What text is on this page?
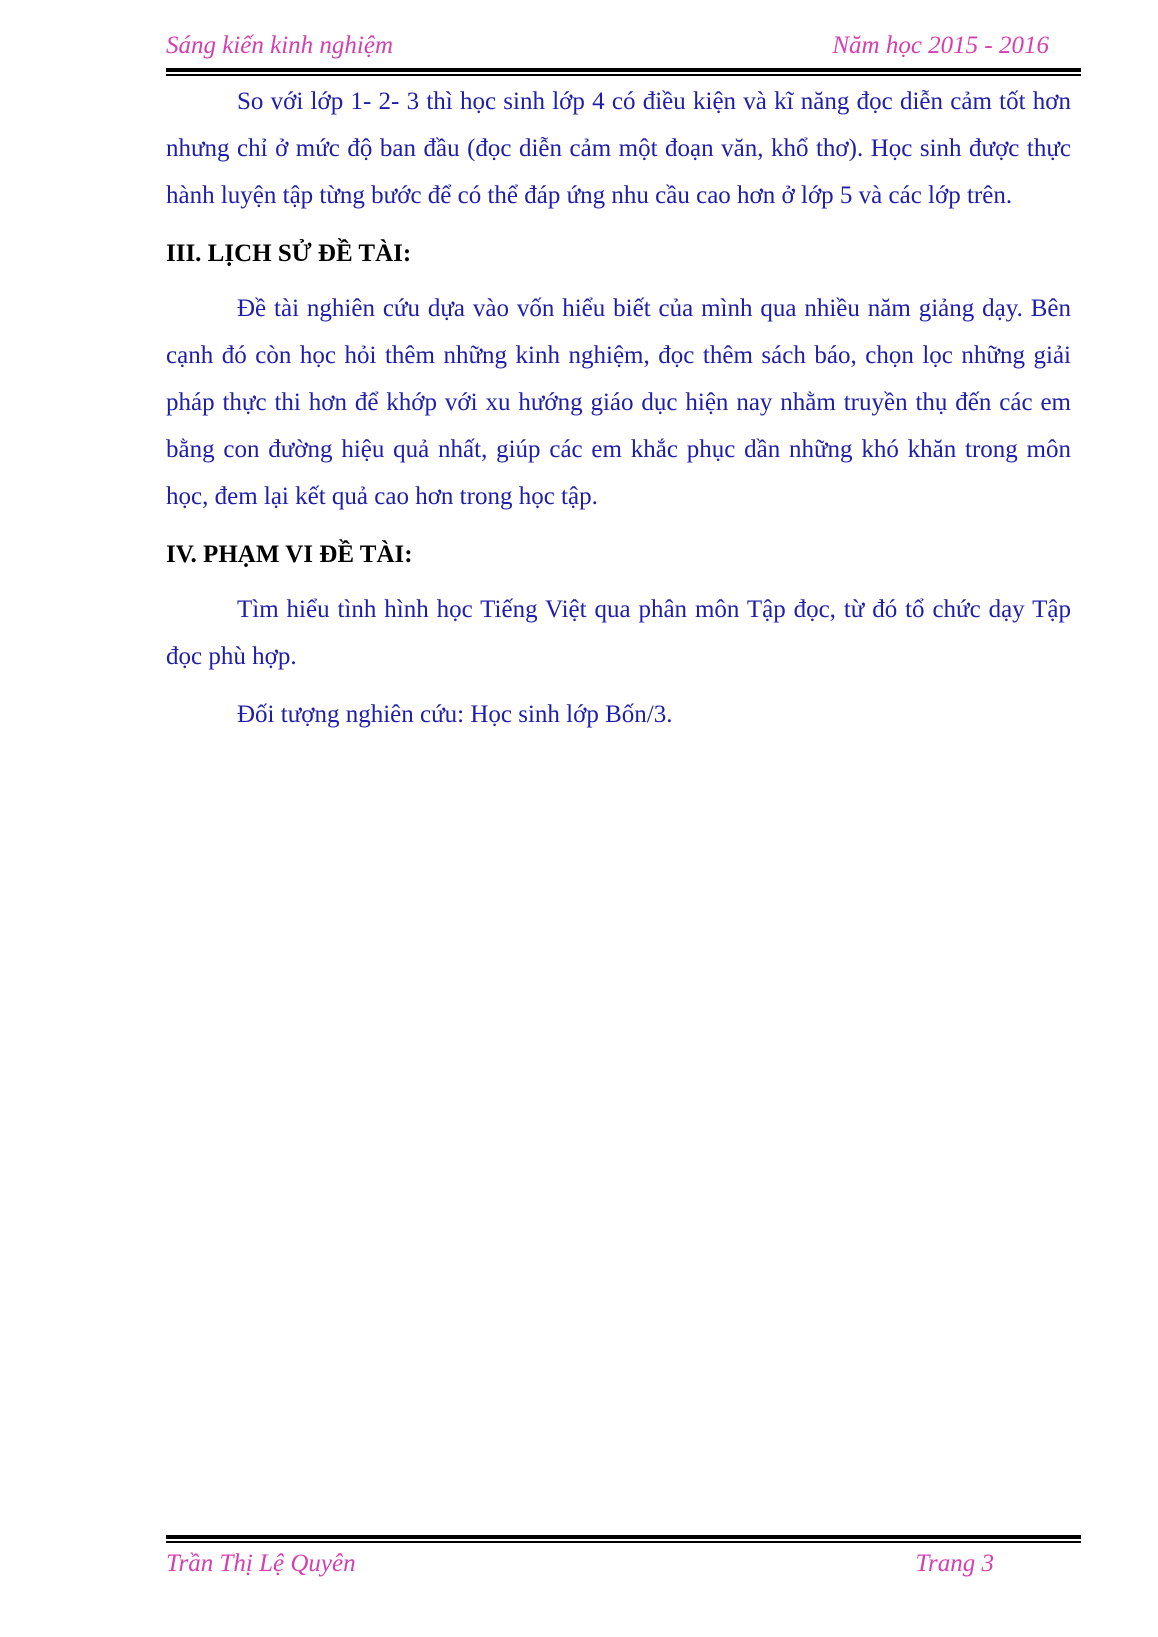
Sáng kiến kinh nghiệm	Năm học 2015 - 2016

So với lớp 1- 2- 3 thì học sinh lớp 4 có điều kiện và kĩ năng đọc diễn cảm tốt hơn nhưng chỉ ở mức độ ban đầu (đọc diễn cảm một đoạn văn, khổ thơ). Học sinh được thực hành luyện tập từng bước để có thể đáp ứng nhu cầu cao hơn ở lớp 5 và các lớp trên.

III. LỊCH SỬ ĐỀ TÀI:

Đề tài nghiên cứu dựa vào vốn hiểu biết của mình qua nhiều năm giảng dạy. Bên cạnh đó còn học hỏi thêm những kinh nghiệm, đọc thêm sách báo, chọn lọc những giải pháp thực thi hơn để khớp với xu hướng giáo dục hiện nay nhằm truyền thụ đến các em bằng con đường hiệu quả nhất, giúp các em khắc phục dần những khó khăn trong môn học, đem lại kết quả cao hơn trong học tập.

IV. PHẠM VI ĐỀ TÀI:

Tìm hiểu tình hình học Tiếng Việt qua phân môn Tập đọc, từ đó tổ chức dạy Tập đọc phù hợp.

Đối tượng nghiên cứu: Học sinh lớp Bốn/3.

Trần Thị Lệ Quyên	Trang 3
